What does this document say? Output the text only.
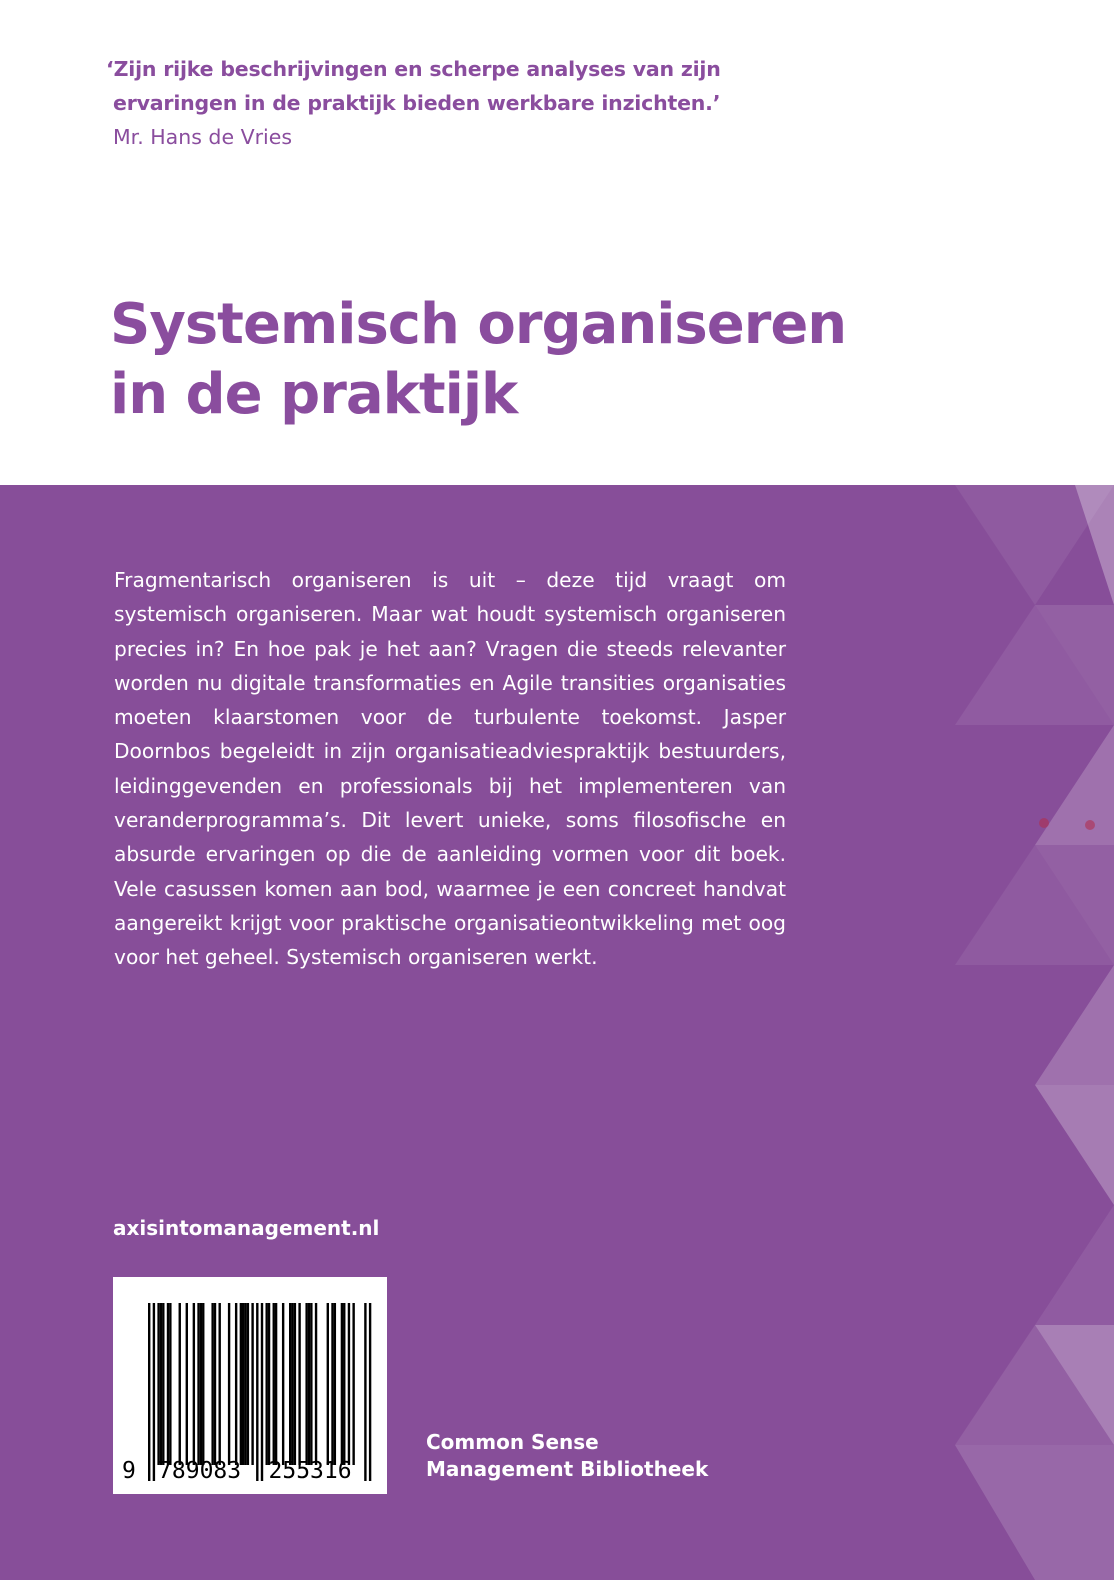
‘Zijn rijke beschrijvingen en scherpe analyses van zijn
ervaringen in de praktijk bieden werkbare inzichten.’
Mr. Hans de Vries
Systemisch organiseren
in de praktijk

Fragmentarisch organiseren is uit – deze tijd vraagt om systemisch organiseren. Maar wat houdt systemisch organiseren precies in? En hoe pak je het aan? Vragen die steeds relevanter worden nu digitale transformaties en Agile transities organisaties moeten klaarstomen voor de turbulente toekomst. Jasper Doornbos begeleidt in zijn organisatieadviespraktijk bestuurders, leidinggevenden en professionals bij het implementeren van veranderprogramma’s. Dit levert unieke, soms filosofische en absurde ervaringen op die de aanleiding vormen voor dit boek. Vele casussen komen aan bod, waarmee je een concreet handvat aangereikt krijgt voor praktische organisatieontwikkeling met oog voor het geheel. Systemisch organiseren werkt.

axisintomanagement.nl
9 789083 255316
Common Sense
Management Bibliotheek
